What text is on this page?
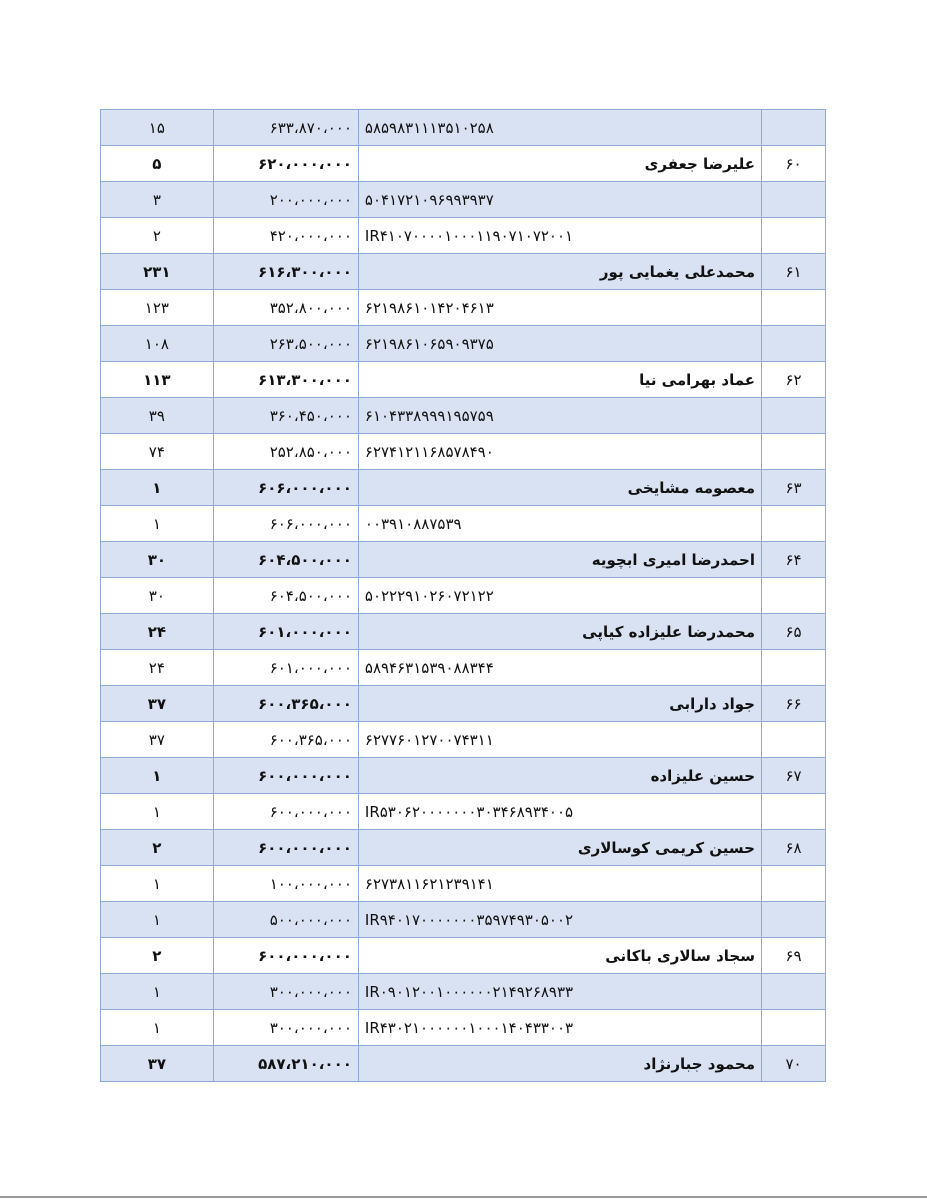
۱۵	۶۳۳،۸۷۰،۰۰۰	۵۸۵۹۸۳۱۱۱۳۵۱۰۲۵۸	
۵	۶۲۰،۰۰۰،۰۰۰	علیرضا جعفری	۶۰
۳	۲۰۰،۰۰۰،۰۰۰	۵۰۴۱۷۲۱۰۹۶۹۹۳۹۳۷	
۲	۴۲۰،۰۰۰،۰۰۰	IR۴۱۰۷۰۰۰۰۱۰۰۰۱۱۹۰۷۱۰۷۲۰۰۱	
۲۳۱	۶۱۶،۳۰۰،۰۰۰	محمدعلی یغمایی پور	۶۱
۱۲۳	۳۵۲،۸۰۰،۰۰۰	۶۲۱۹۸۶۱۰۱۴۲۰۴۶۱۳	
۱۰۸	۲۶۳،۵۰۰،۰۰۰	۶۲۱۹۸۶۱۰۶۵۹۰۹۳۷۵	
۱۱۳	۶۱۳،۳۰۰،۰۰۰	عماد بهرامی نیا	۶۲
۳۹	۳۶۰،۴۵۰،۰۰۰	۶۱۰۴۳۳۸۹۹۹۱۹۵۷۵۹	
۷۴	۲۵۲،۸۵۰،۰۰۰	۶۲۷۴۱۲۱۱۶۸۵۷۸۴۹۰	
۱	۶۰۶،۰۰۰،۰۰۰	معصومه مشایخی	۶۳
۱	۶۰۶،۰۰۰،۰۰۰	۰۰۳۹۱۰۸۸۷۵۳۹	
۳۰	۶۰۴،۵۰۰،۰۰۰	احمدرضا امیری ابچویه	۶۴
۳۰	۶۰۴،۵۰۰،۰۰۰	۵۰۲۲۲۹۱۰۲۶۰۷۲۱۲۲	
۲۴	۶۰۱،۰۰۰،۰۰۰	محمدرضا علیزاده کیاپی	۶۵
۲۴	۶۰۱،۰۰۰،۰۰۰	۵۸۹۴۶۳۱۵۳۹۰۸۸۳۴۴	
۳۷	۶۰۰،۳۶۵،۰۰۰	جواد دارابی	۶۶
۳۷	۶۰۰،۳۶۵،۰۰۰	۶۲۷۷۶۰۱۲۷۰۰۷۴۳۱۱	
۱	۶۰۰،۰۰۰،۰۰۰	حسین علیزاده	۶۷
۱	۶۰۰،۰۰۰،۰۰۰	IR۵۳۰۶۲۰۰۰۰۰۰۰۳۰۳۴۶۸۹۳۴۰۰۵	
۲	۶۰۰،۰۰۰،۰۰۰	حسین کریمی کوسالاری	۶۸
۱	۱۰۰،۰۰۰،۰۰۰	۶۲۷۳۸۱۱۶۲۱۲۳۹۱۴۱	
۱	۵۰۰،۰۰۰،۰۰۰	IR۹۴۰۱۷۰۰۰۰۰۰۰۳۵۹۷۴۹۳۰۵۰۰۲	
۲	۶۰۰،۰۰۰،۰۰۰	سجاد سالاری باکانی	۶۹
۱	۳۰۰،۰۰۰،۰۰۰	IR۰۹۰۱۲۰۰۱۰۰۰۰۰۰۲۱۴۹۲۶۸۹۳۳	
۱	۳۰۰،۰۰۰،۰۰۰	IR۴۳۰۲۱۰۰۰۰۰۰۱۰۰۰۱۴۰۴۳۳۰۰۳	
۳۷	۵۸۷،۲۱۰،۰۰۰	محمود جبارنژاد	۷۰
